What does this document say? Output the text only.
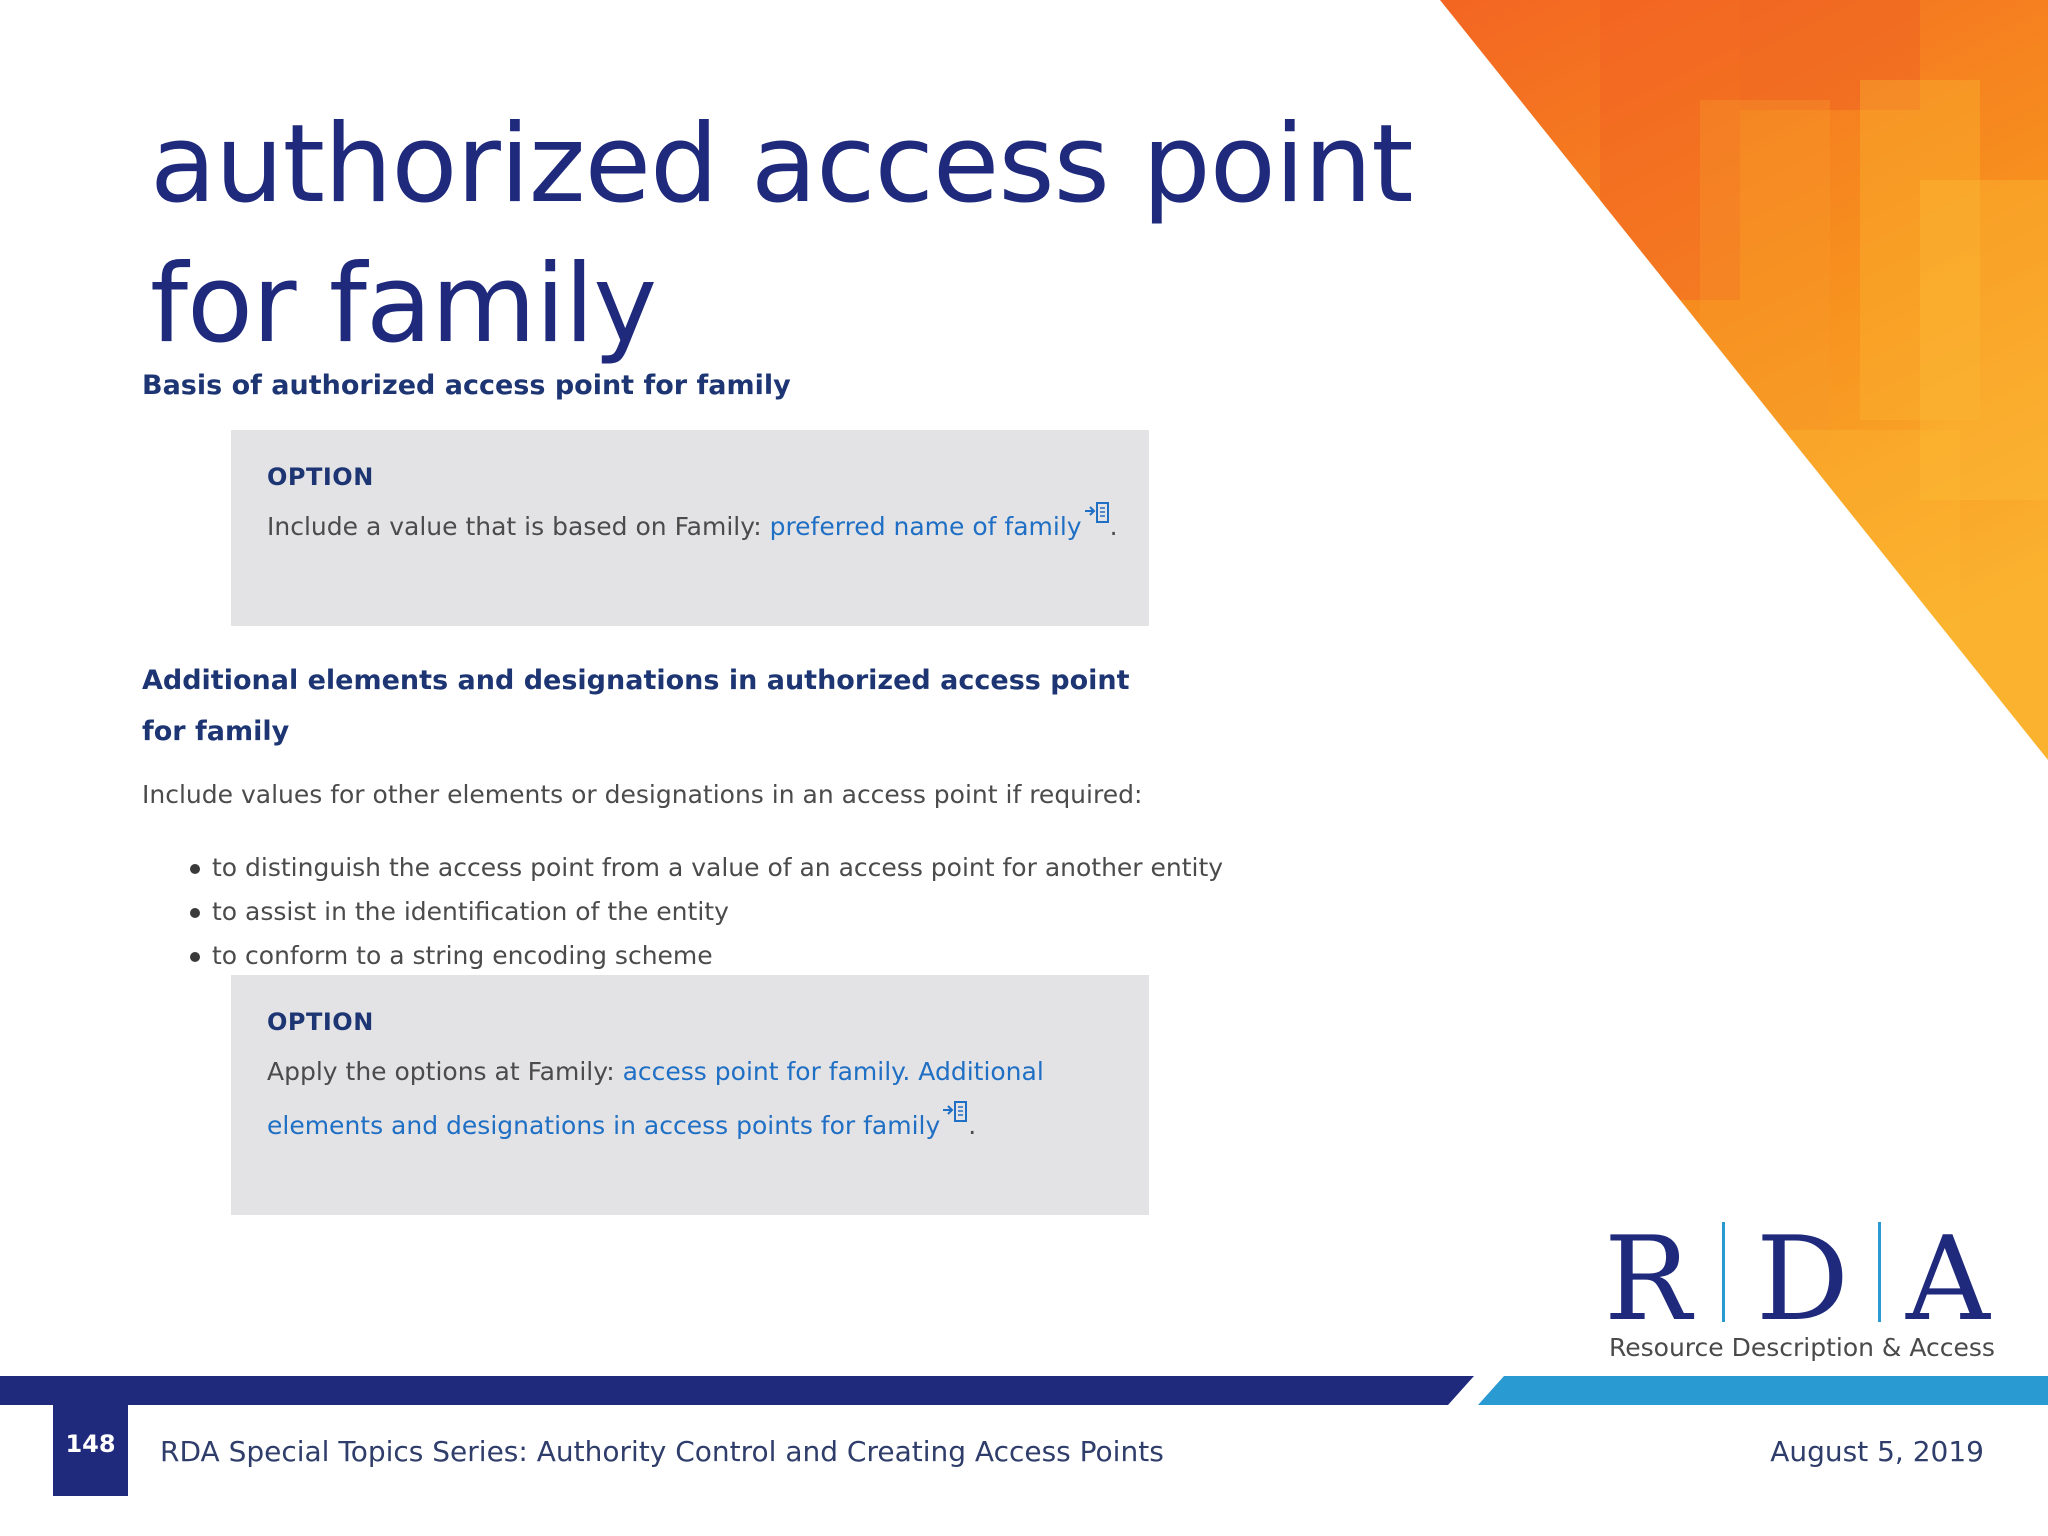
authorized access point for family
Basis of authorized access point for family
OPTION
Include a value that is based on Family: preferred name of family .
Additional elements and designations in authorized access point for family

Include values for other elements or designations in an access point if required:

to distinguish the access point from a value of an access point for another entity
to assist in the identification of the entity
to conform to a string encoding scheme
OPTION
Apply the options at Family: access point for family. Additional
elements and designations in access points for family .
R D A
Resource Description & Access
148	RDA Special Topics Series: Authority Control and Creating Access Points	August 5, 2019
